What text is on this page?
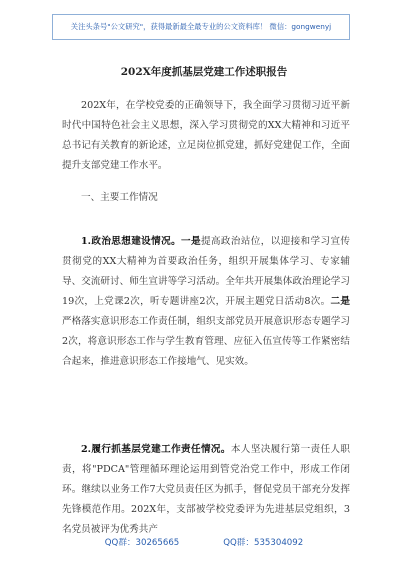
关注头条号"公文研究"，获得最新最全最专业的公文资料库！ 微信：gongwenyj
202X年度抓基层党建工作述职报告
202X年，在学校党委的正确领导下，我全面学习贯彻习近平新时代中国特色社会主义思想，深入学习贯彻党的XX大精神和习近平总书记有关教育的新论述，立足岗位抓党建，抓好党建促工作，全面提升支部党建工作水平。
一、主要工作情况
1.政治思想建设情况。一是提高政治站位，以迎接和学习宣传贯彻党的XX大精神为首要政治任务，组织开展集体学习、专家辅导、交流研讨、师生宣讲等学习活动。全年共开展集体政治理论学习19次，上党课2次，听专题讲座2次，开展主题党日活动8次。二是严格落实意识形态工作责任制，组织支部党员开展意识形态专题学习2次，将意识形态工作与学生教育管理、应征入伍宣传等工作紧密结合起来，推进意识形态工作接地气、见实效。
2.履行抓基层党建工作责任情况。本人坚决履行第一责任人职责，将"PDCA"管理循环理论运用到管党治党工作中，形成工作闭环。继续以业务工作7大党员责任区为抓手，督促党员干部充分发挥先锋模范作用。202X年，支部被学校党委评为先进基层党组织，3名党员被评为优秀共产
QQ群：30265665	QQ群：535304092
